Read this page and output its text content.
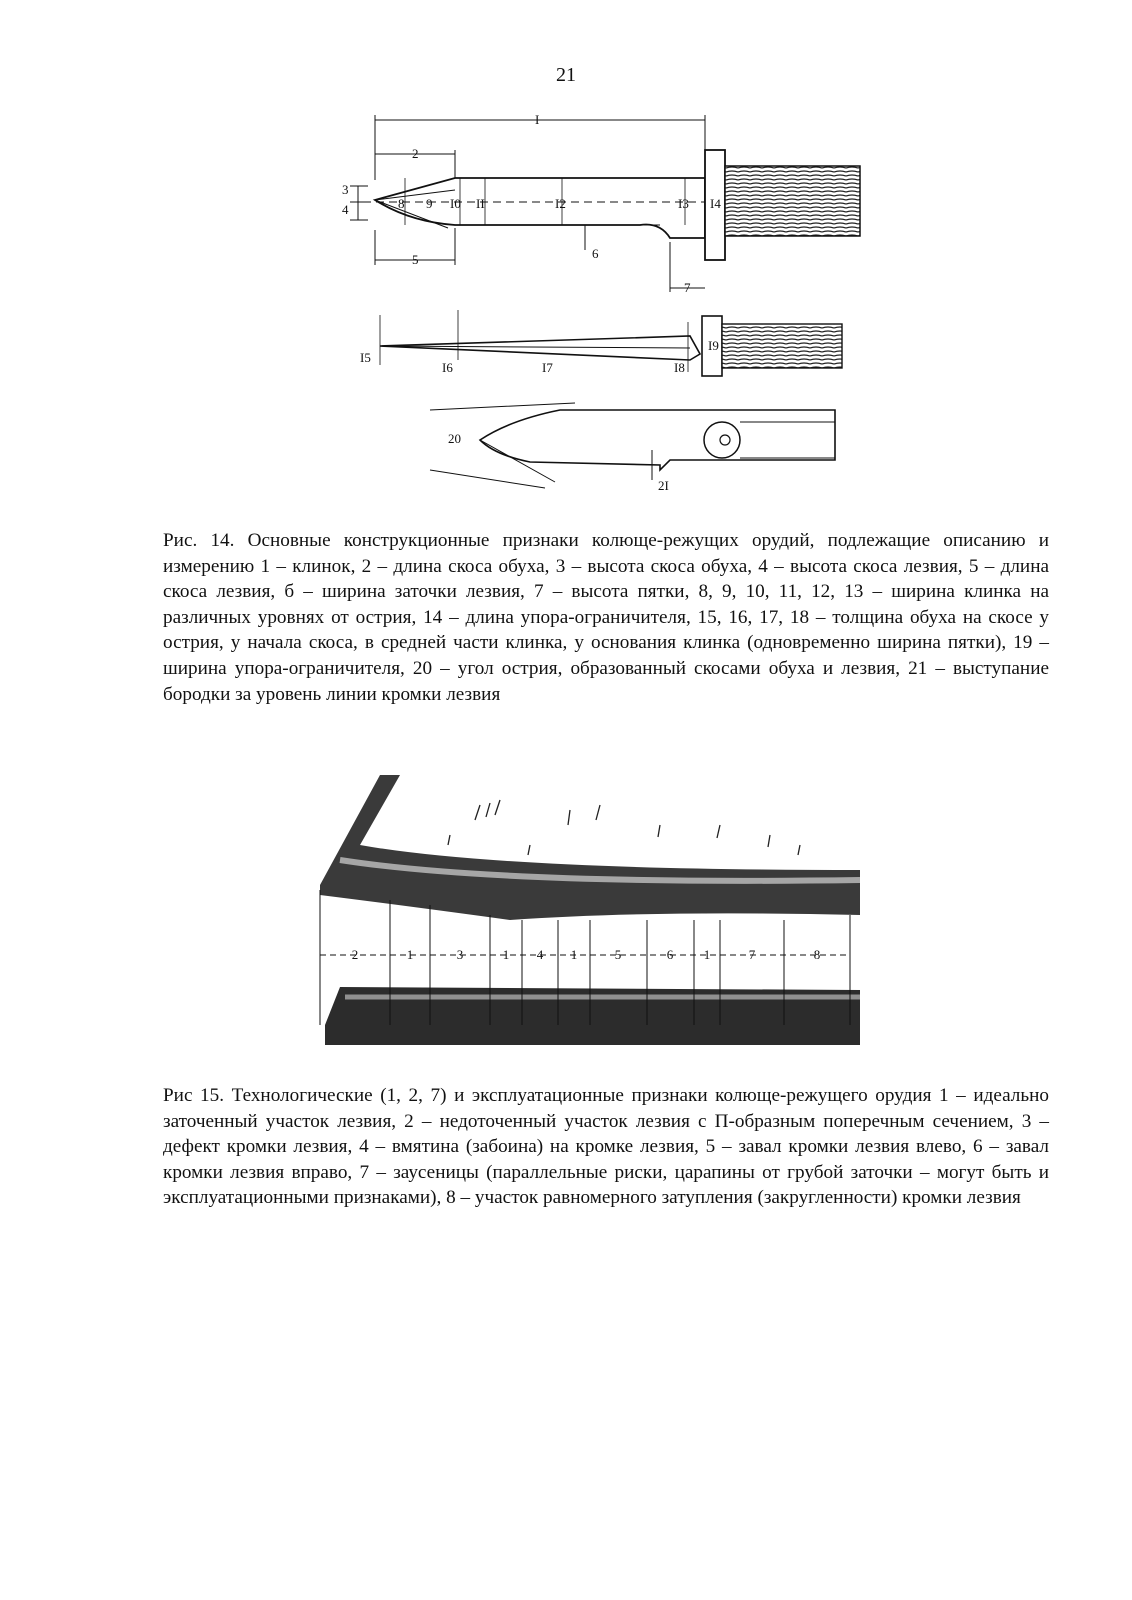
21
I
2
3
4
5	6
7
8 9 I0 II	I2	I3 I4
I5
I6	I7	I8
I9
20
2I
Рис. 14. Основные конструкционные признаки колюще-режущих орудий, подлежащие описанию и измерению 1 – клинок, 2 – длина скоса обуха, 3 – высота скоса обуха, 4 – высота скоса лезвия, 5 – длина скоса лезвия, б – ширина заточки лезвия, 7 – высота пятки, 8, 9, 10, 11, 12, 13 – ширина клинка на различных уровнях от острия, 14 – длина упора-ограничителя, 15, 16, 17, 18 – толщина обуха на скосе у острия, у начала скоса, в средней части клинка, у основания клинка (одновременно ширина пятки), 19 – ширина упора-ограничителя, 20 – угол острия, образованный скосами обуха и лезвия, 21 – выступание бородки за уровень линии кромки лезвия
2	1	3	1 4 1	5	6 1	7	8
Рис 15. Технологические (1, 2, 7) и эксплуатационные признаки колюще-режущего орудия 1 – идеально заточенный участок лезвия, 2 – недоточенный участок лезвия с П-образным поперечным сечением, 3 – дефект кромки лезвия, 4 – вмятина (забоина) на кромке лезвия, 5 – завал кромки лезвия влево, 6 – завал кромки лезвия вправо, 7 – заусеницы (параллельные риски, царапины от грубой заточки – могут быть и эксплуатационными признаками), 8 – участок равномерного затупления (закругленности) кромки лезвия
